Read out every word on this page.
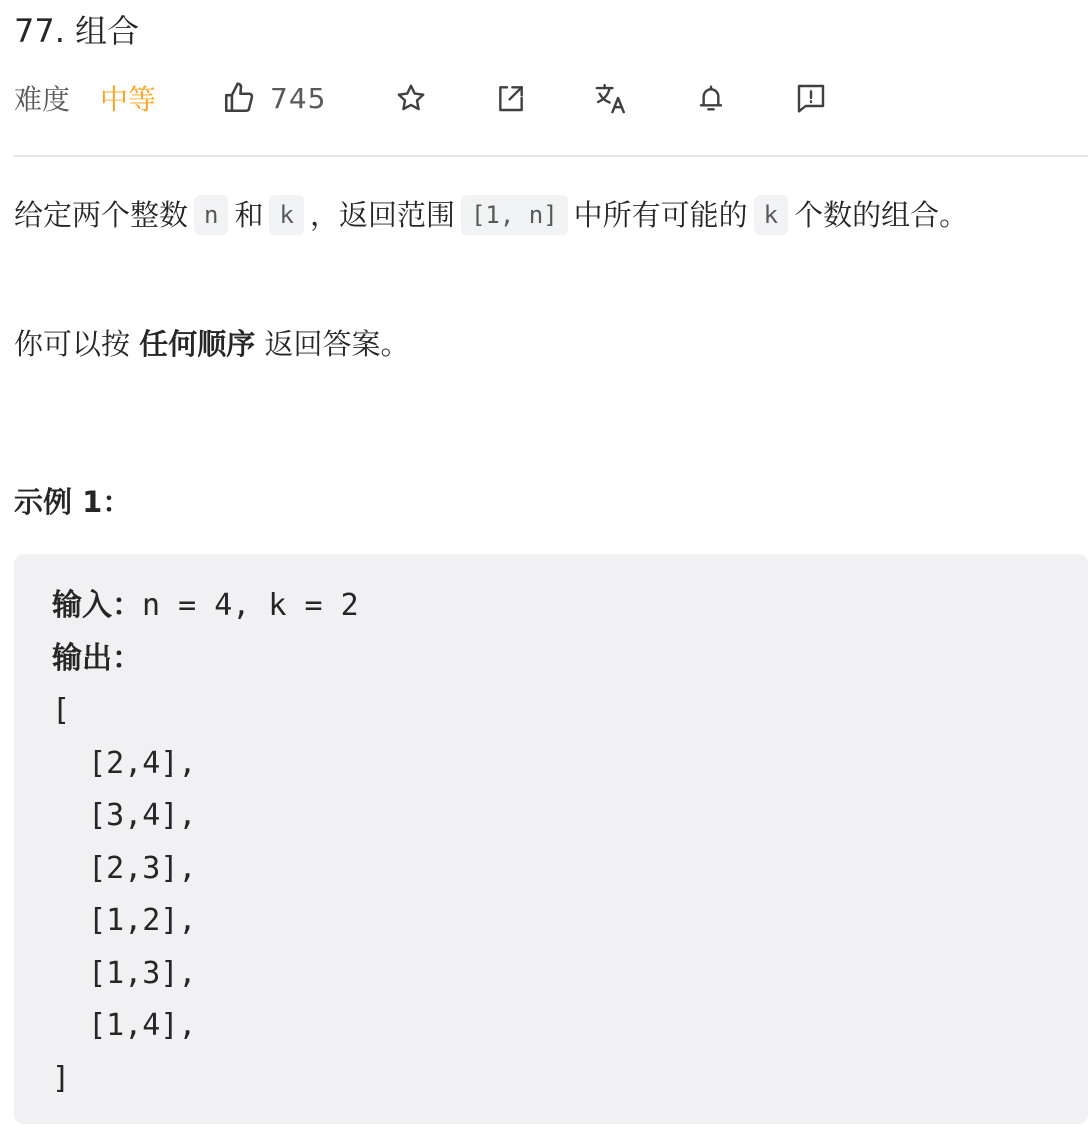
77. 组合
难度 中等	745

给定两个整数 n 和 k ，返回范围 [1, n] 中所有可能的 k 个数的组合。

你可以按 任何顺序 返回答案。
示例 1：
输入：n = 4, k = 2
输出：
[
[2,4],
[3,4],
[2,3],
[1,2],
[1,3],
[1,4],
]
